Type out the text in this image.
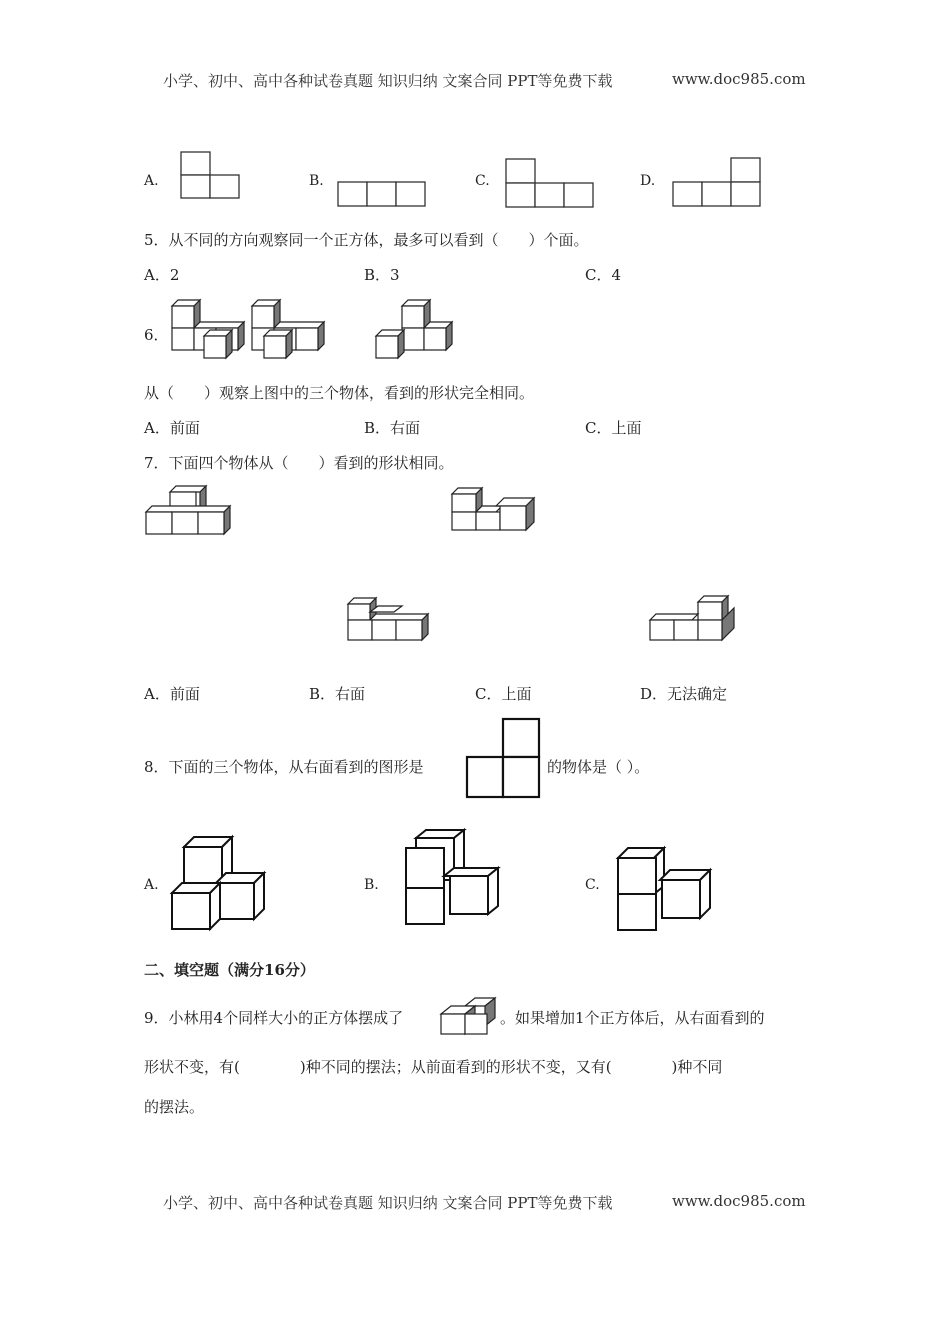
小学、初中、高中各种试卷真题 知识归纳 文案合同 PPT等免费下载	www.doc985.com
A.	B.	C.	D.
5．从不同的方向观察同一个正方体，最多可以看到（　　）个面。
A．2	B．3	C．4
6．
从（　　）观察上图中的三个物体，看到的形状完全相同。
A．前面	B．右面	C．上面
7．下面四个物体从（　　）看到的形状相同。
A．前面	B．右面	C．上面	D．无法确定
8．下面的三个物体，从右面看到的图形是	的物体是（ ）。
A.	B.	C.
二、填空题（满分16分）
9．小林用4个同样大小的正方体摆成了	。如果增加1个正方体后，从右面看到的
形状不变，有(　　　　)种不同的摆法；从前面看到的形状不变，又有(　　　　)种不同
的摆法。
小学、初中、高中各种试卷真题 知识归纳 文案合同 PPT等免费下载	www.doc985.com
